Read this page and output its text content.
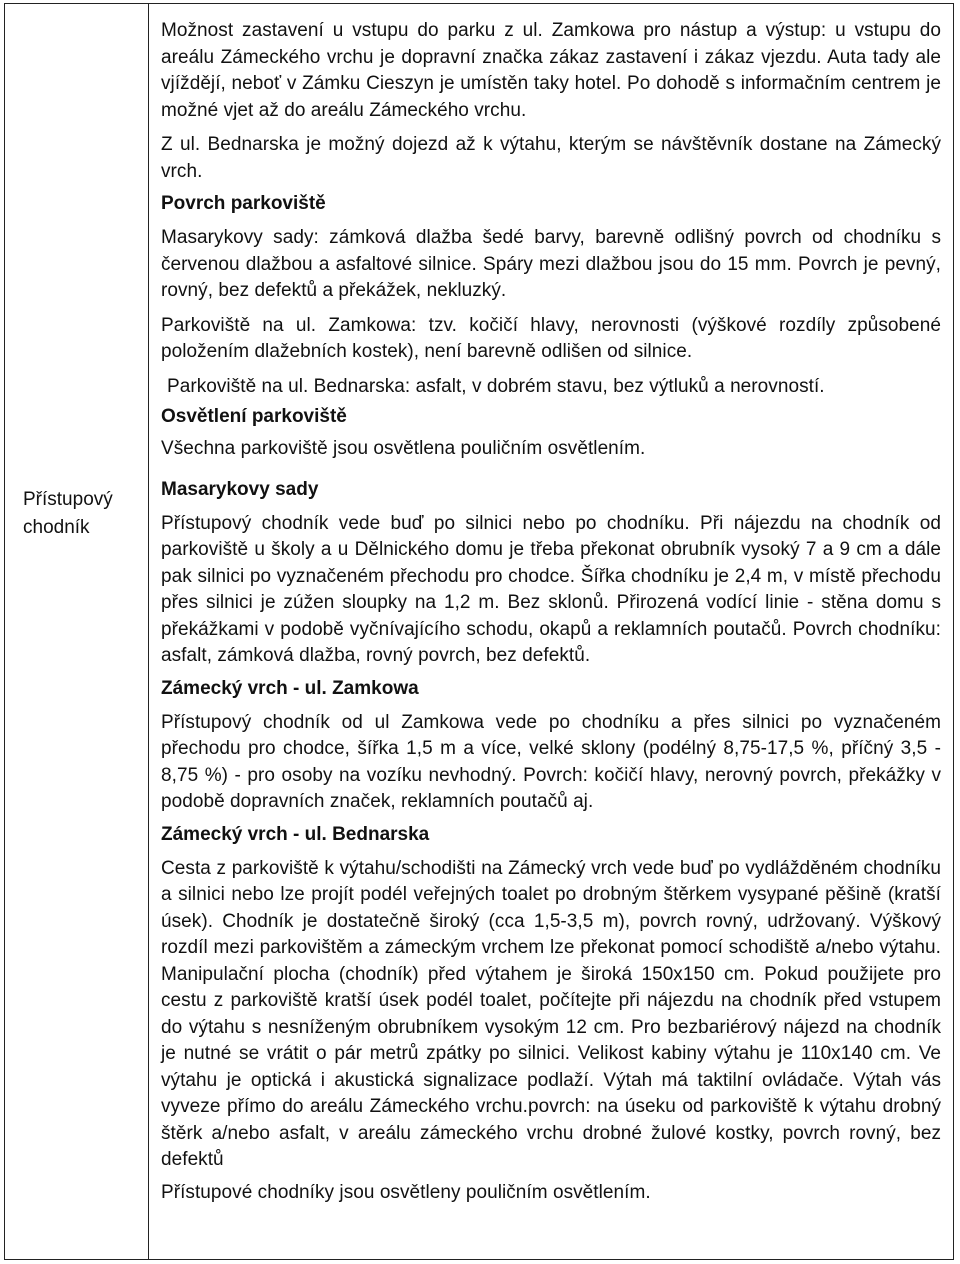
Přístupový
chodník

Možnost zastavení u vstupu do parku z ul. Zamkowa pro nástup a výstup: u vstupu do areálu Zámeckého vrchu je dopravní značka zákaz zastavení i zákaz vjezdu. Auta tady ale vjíždějí, neboť v Zámku Cieszyn je umístěn taky hotel. Po dohodě s informačním centrem je možné vjet až do areálu Zámeckého vrchu.

Z ul. Bednarska je možný dojezd až k výtahu, kterým se návštěvník dostane na Zámecký vrch.

Povrch parkoviště

Masarykovy sady: zámková dlažba šedé barvy, barevně odlišný povrch od chodníku s červenou dlažbou a asfaltové silnice. Spáry mezi dlažbou jsou do 15 mm. Povrch je pevný, rovný, bez defektů a překážek, nekluzký.

Parkoviště na ul. Zamkowa: tzv. kočičí hlavy, nerovnosti (výškové rozdíly způsobené položením dlažebních kostek), není barevně odlišen od silnice.

Parkoviště na ul. Bednarska: asfalt, v dobrém stavu, bez výtluků a nerovností.

Osvětlení parkoviště

Všechna parkoviště jsou osvětlena pouličním osvětlením.

Masarykovy sady

Přístupový chodník vede buď po silnici nebo po chodníku. Při nájezdu na chodník od parkoviště u školy a u Dělnického domu je třeba překonat obrubník vysoký 7 a 9 cm a dále pak silnici po vyznačeném přechodu pro chodce. Šířka chodníku je 2,4 m, v místě přechodu přes silnici je zúžen sloupky na 1,2 m. Bez sklonů. Přirozená vodící linie - stěna domu s překážkami v podobě vyčnívajícího schodu, okapů a reklamních poutačů. Povrch chodníku: asfalt, zámková dlažba, rovný povrch, bez defektů.

Zámecký vrch - ul. Zamkowa

Přístupový chodník od ul Zamkowa vede po chodníku a přes silnici po vyznačeném přechodu pro chodce, šířka 1,5 m a více, velké sklony (podélný 8,75-17,5 %, příčný 3,5 - 8,75 %) - pro osoby na vozíku nevhodný. Povrch: kočičí hlavy, nerovný povrch, překážky v podobě dopravních značek, reklamních poutačů aj.

Zámecký vrch - ul. Bednarska

Cesta z parkoviště k výtahu/schodišti na Zámecký vrch vede buď po vydlážděném chodníku a silnici nebo lze projít podél veřejných toalet po drobným štěrkem vysypané pěšině (kratší úsek). Chodník je dostatečně široký (cca 1,5-3,5 m), povrch rovný, udržovaný. Výškový rozdíl mezi parkovištěm a zámeckým vrchem lze překonat pomocí schodiště a/nebo výtahu. Manipulační plocha (chodník) před výtahem je široká 150x150 cm. Pokud použijete pro cestu z parkoviště kratší úsek podél toalet, počítejte při nájezdu na chodník před vstupem do výtahu s nesníženým obrubníkem vysokým 12 cm. Pro bezbariérový nájezd na chodník je nutné se vrátit o pár metrů zpátky po silnici. Velikost kabiny výtahu je 110x140 cm. Ve výtahu je optická i akustická signalizace podlaží. Výtah má taktilní ovládače. Výtah vás vyveze přímo do areálu Zámeckého vrchu.povrch: na úseku od parkoviště k výtahu drobný štěrk a/nebo asfalt, v areálu zámeckého vrchu drobné žulové kostky, povrch rovný, bez defektů

Přístupové chodníky jsou osvětleny pouličním osvětlením.
